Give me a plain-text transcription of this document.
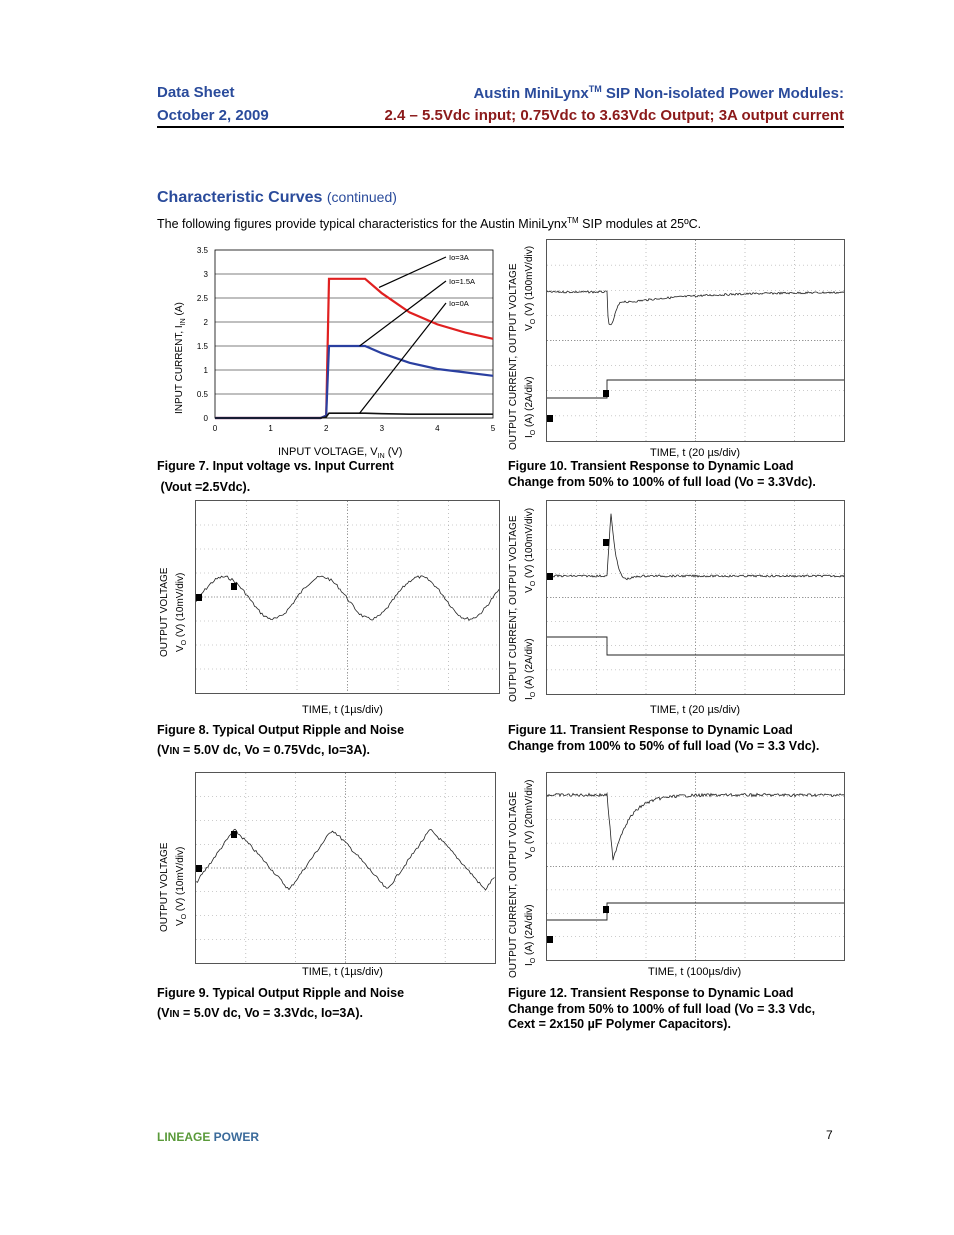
Data Sheet
October 2, 2009
Austin MiniLynx™ SIP Non-isolated Power Modules:
2.4 – 5.5Vdc input; 0.75Vdc to 3.63Vdc Output; 3A output current
Characteristic Curves (continued)
The following figures provide typical characteristics for the Austin MiniLynx™ SIP modules at 25ºC.
0
0.5
1
1.5
2
2.5
3
3.5
0	1	2	3	4	5
Io=3A
Io=1.5A
Io=0A
INPUT CURRENT, $I_{IN}$ (A)
INPUT VOLTAGE, $V_{IN}$ (V)
Figure 7. Input voltage vs. Input Current
(Vout =2.5Vdc).
OUTPUT CURRENT, OUTPUT VOLTAGE $I_O$ (A) (2A/div)  $V_O$ (V) (100mV/div)
TIME, t (20 µs/div)
Figure 10. Transient Response to Dynamic Load
Change from 50% to 100% of full load (Vo = 3.3Vdc).
OUTPUT VOLTAGE $V_O$ (V) (10mV/div)
TIME, t (1µs/div)
Figure 8. Typical Output Ripple and Noise
(VIN = 5.0V dc, Vo = 0.75Vdc, Io=3A).
OUTPUT CURRENT, OUTPUT VOLTAGE $I_O$ (A) (2A/div)  $V_O$ (V) (100mV/div)
TIME, t (20 µs/div)
Figure 11. Transient Response to Dynamic Load
Change from 100% to 50% of full load (Vo = 3.3 Vdc).
OUTPUT VOLTAGE $V_O$ (V) (10mV/div)
TIME, t (1µs/div)
Figure 9. Typical Output Ripple and Noise
(VIN = 5.0V dc, Vo = 3.3Vdc, Io=3A).
OUTPUT CURRENT, OUTPUT VOLTAGE $I_O$ (A) (2A/div)  $V_O$ (V) (20mV/div)
TIME, t (100µs/div)
Figure 12. Transient Response to Dynamic Load
Change from 50% to 100% of full load (Vo = 3.3 Vdc,
Cext = 2x150 µF Polymer Capacitors).
LINEAGE POWER	7
